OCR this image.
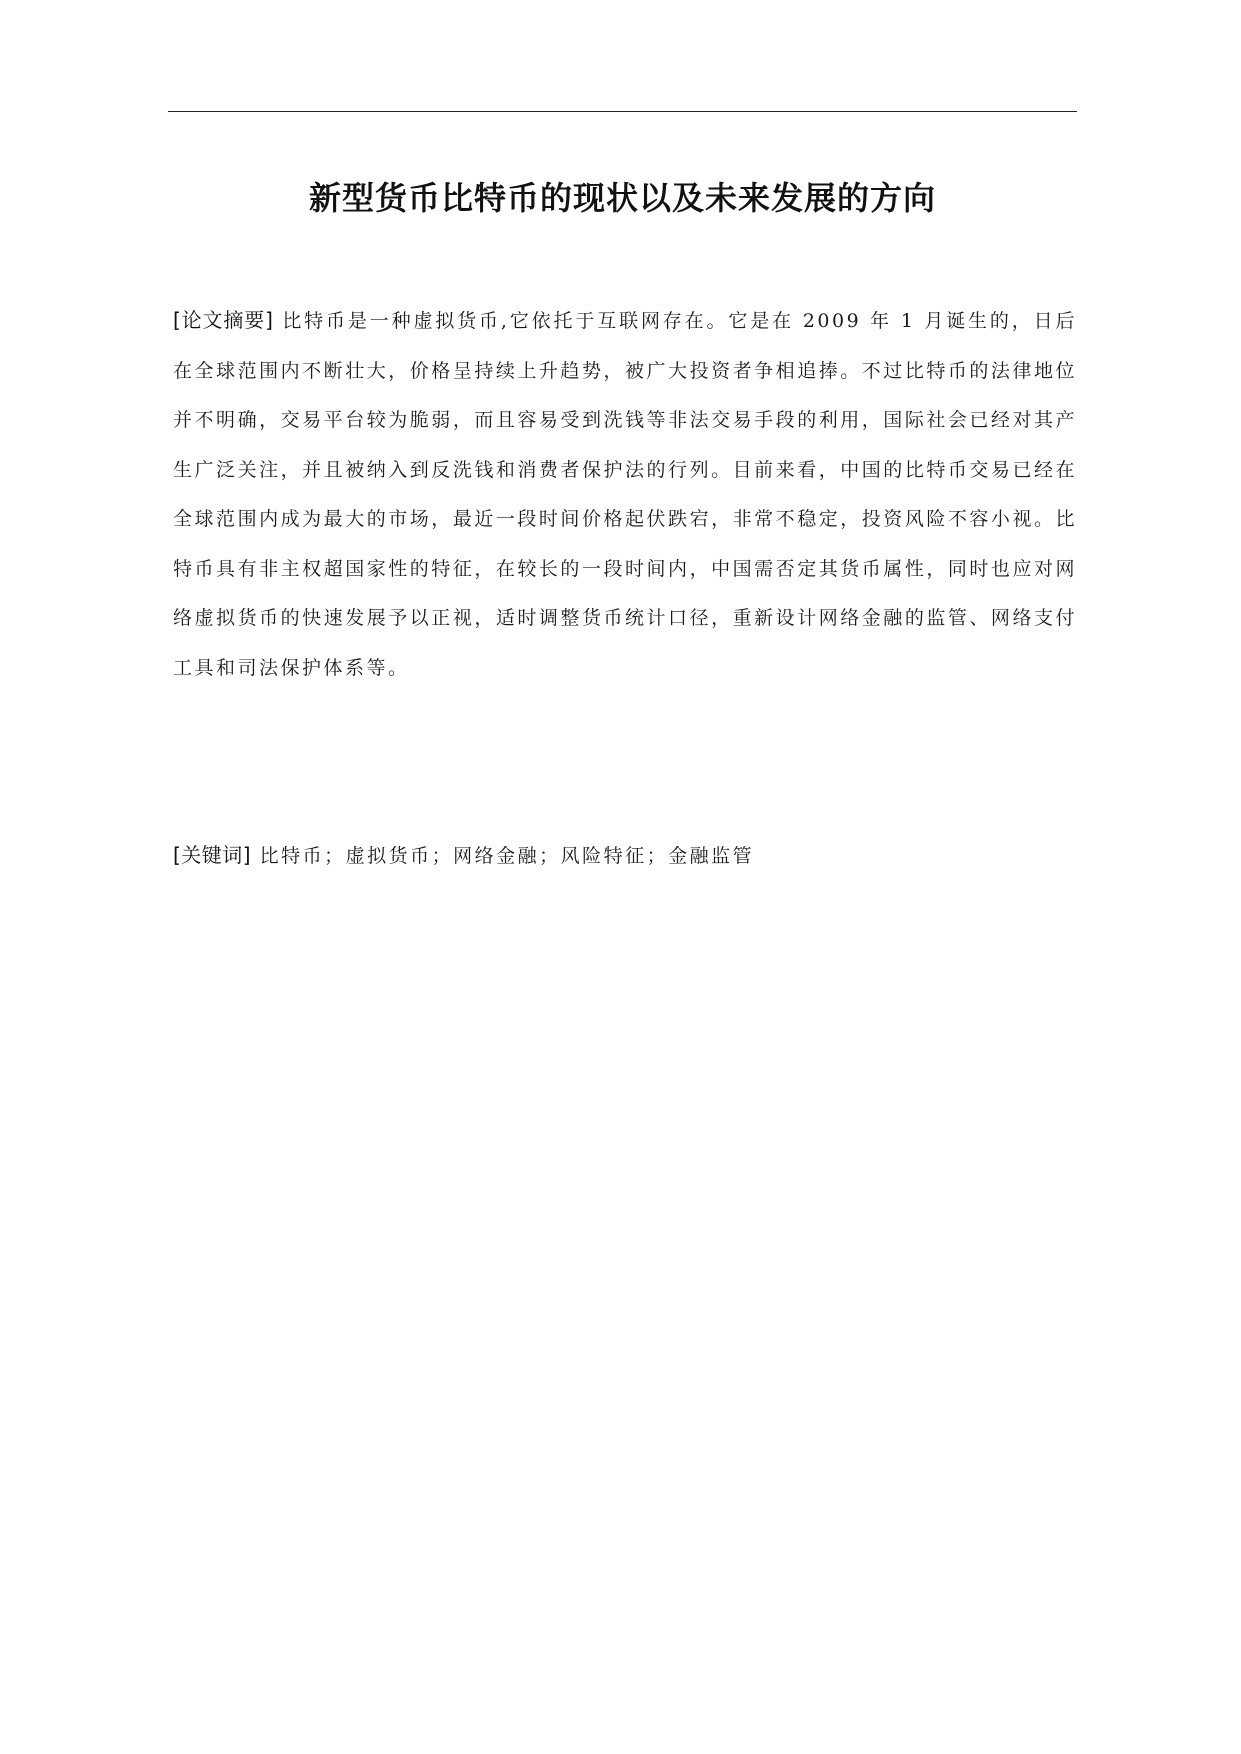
新型货币比特币的现状以及未来发展的方向

[论文摘要] 比特币是一种虚拟货币,它依托于互联网存在。它是在 2009 年 1 月诞生的，日后在全球范围内不断壮大，价格呈持续上升趋势，被广大投资者争相追捧。不过比特币的法律地位并不明确，交易平台较为脆弱，而且容易受到洗钱等非法交易手段的利用，国际社会已经对其产生广泛关注，并且被纳入到反洗钱和消费者保护法的行列。目前来看，中国的比特币交易已经在全球范围内成为最大的市场，最近一段时间价格起伏跌宕，非常不稳定，投资风险不容小视。比特币具有非主权超国家性的特征，在较长的一段时间内，中国需否定其货币属性，同时也应对网络虚拟货币的快速发展予以正视，适时调整货币统计口径，重新设计网络金融的监管、网络支付工具和司法保护体系等。

[关键词] 比特币；虚拟货币；网络金融；风险特征；金融监管
